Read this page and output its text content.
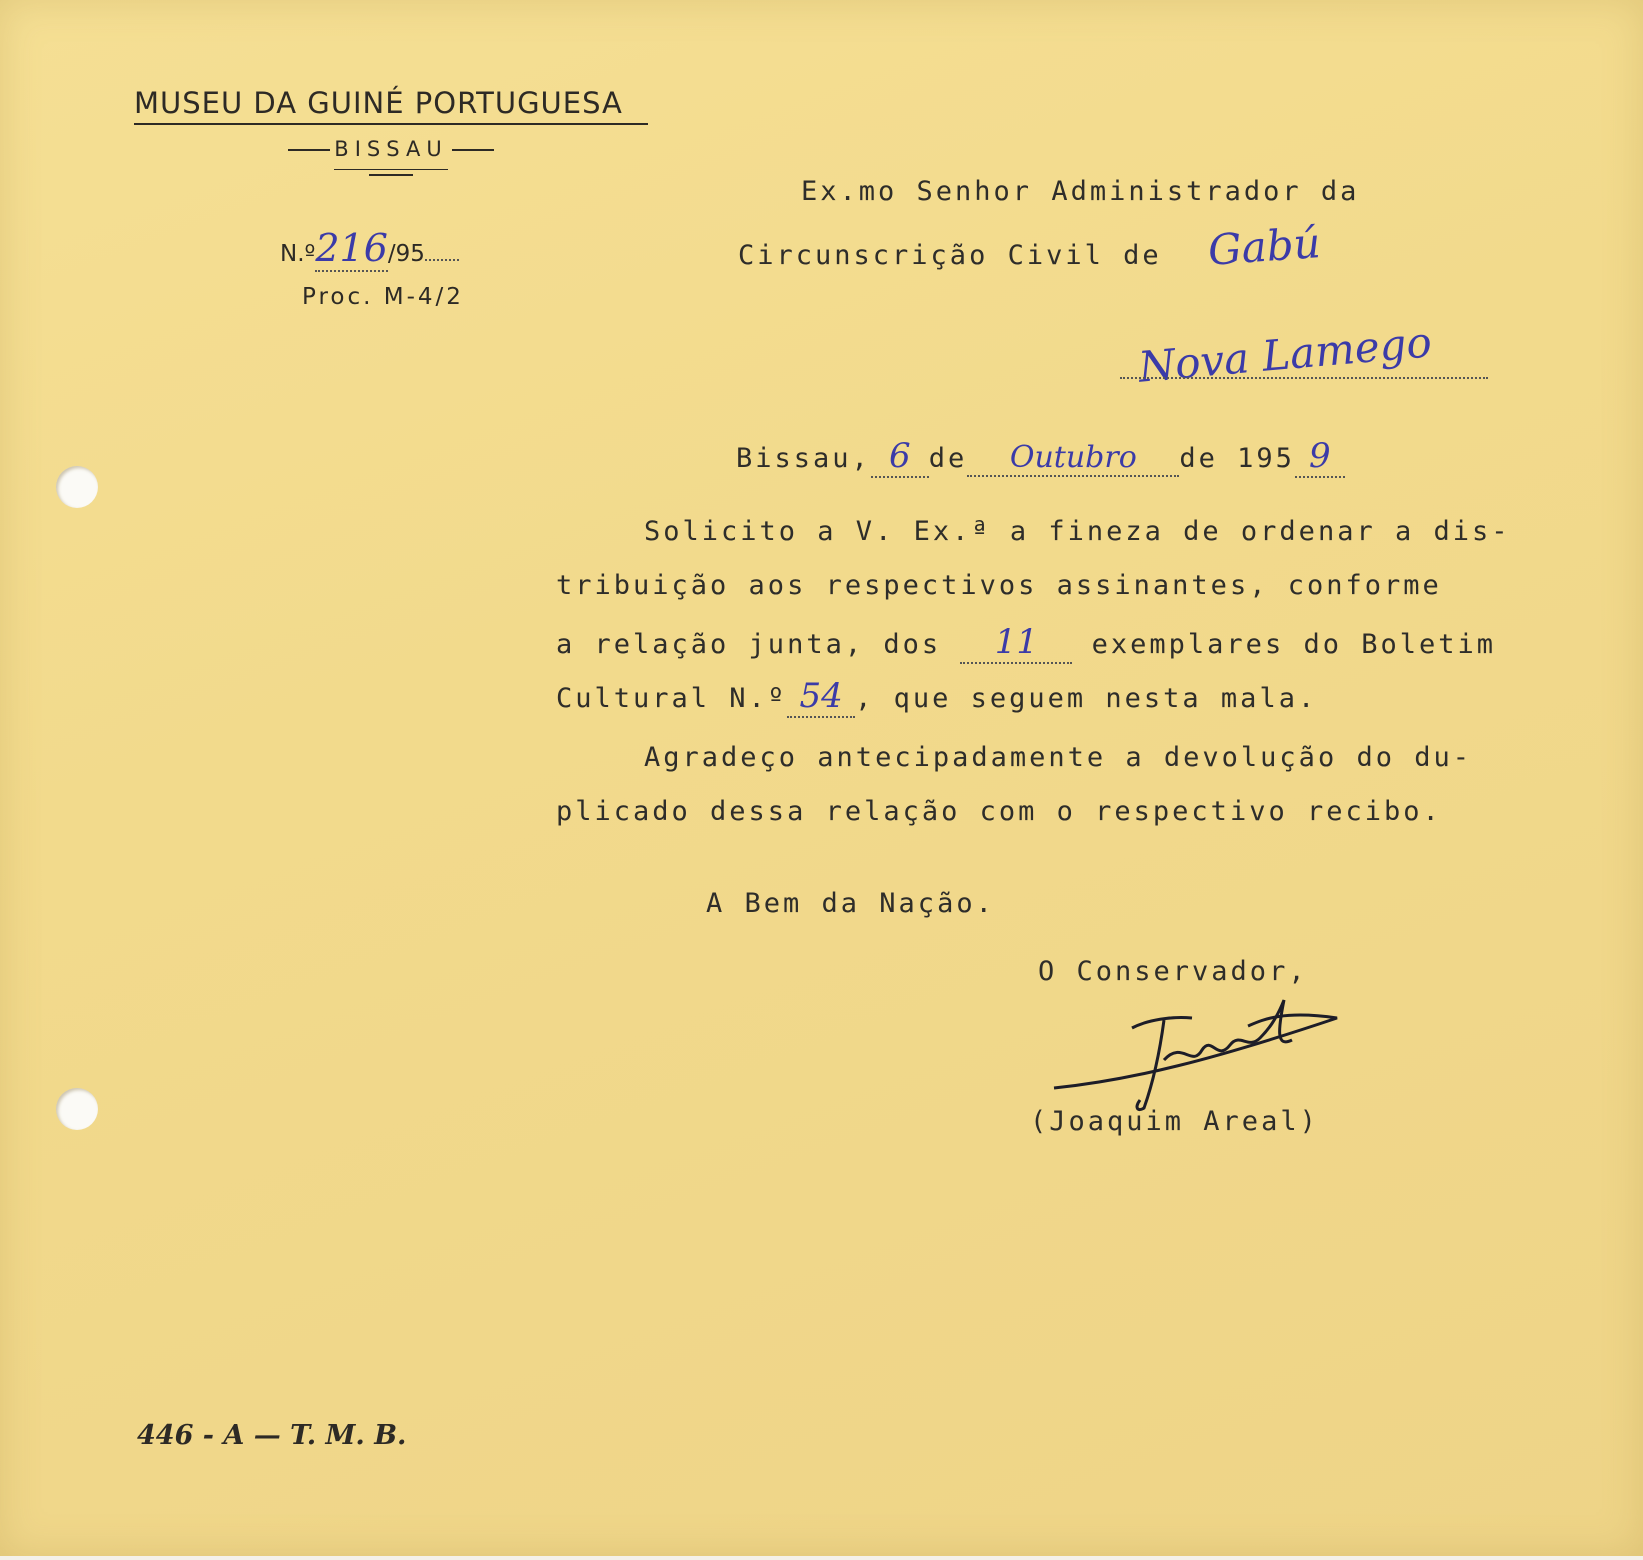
MUSEU DA GUINÉ PORTUGUESA
BISSAU
N.º216/95
Proc. M-4/2
Ex.mo Senhor Administrador da
Circunscrição Civil de Gabú
Nova Lamego
Bissau, 6 de Outubro de 195 9
Solicito a V. Ex.ª a finеza de ordenar a dis-
tribuição aos respectivos assinantes, conforme
a relação junta, dos 11 exemplares do Boletim
Cultural N.º 54 , que seguem nesta mala.
Agradeço antecipadamente a devolução do du-
plicado dessa relação com o respectivo recibo.
A Bem da Nação.
O Conservador,
(Joaquim Areal)
446 - A — T. M. B.
